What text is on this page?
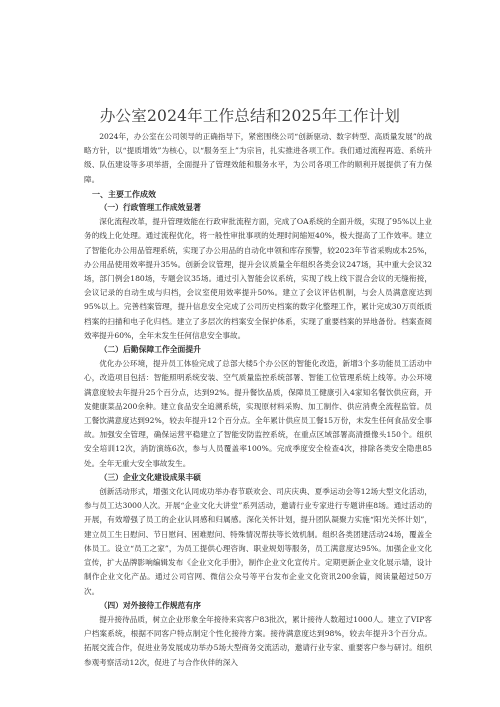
办公室2024年工作总结和2025年工作计划

2024年，办公室在公司领导的正确指导下，紧密围绕公司“创新驱动、数字转型、高质量发展”的战略方针，以“提质增效”为核心，以“服务至上”为宗旨，扎实推进各项工作。我们通过流程再造、系统升级、队伍建设等多项举措，全面提升了管理效能和服务水平，为公司各项工作的顺利开展提供了有力保障。

一、主要工作成效

（一）行政管理工作成效显著

深化流程改革，提升管理效能在行政审批流程方面，完成了OA系统的全面升级，实现了95%以上业务的线上化处理。通过流程优化，将一般性审批事项的处理时间缩短40%，极大提高了工作效率。建立了智能化办公用品管理系统，实现了办公用品的自动化申领和库存预警，较2023年节省采购成本25%，办公用品使用效率提升35%。创新会议管理，提升会议质量全年组织各类会议247场，其中重大会议32场，部门例会180场，专题会议35场。通过引入智能会议系统，实现了线上线下混合会议的无缝衔接，会议记录的自动生成与归档，会议室使用效率提升50%。建立了会议评估机制，与会人员满意度达到95%以上。完善档案管理，提升信息安全完成了公司历史档案的数字化整理工作，累计完成30万页纸质档案的扫描和电子化归档。建立了多层次的档案安全保护体系，实现了重要档案的异地备份。档案查阅效率提升60%，全年未发生任何信息安全事故。

（二）后勤保障工作全面提升

优化办公环境，提升员工体验完成了总部大楼5个办公区的智能化改造，新增3个多功能员工活动中心，改造项目包括：智能照明系统安装、空气质量监控系统部署、智能工位管理系统上线等。办公环境满意度较去年提升25个百分点，达到92%。提升餐饮品质，保障员工健康引入4家知名餐饮供应商，开发健康菜品200余种。建立食品安全追溯系统，实现原材料采购、加工制作、供应消费全流程监管。员工餐饮满意度达到92%，较去年提升12个百分点。全年累计供应员工餐15万份，未发生任何食品安全事故。加强安全管理，确保运营平稳建立了智能安防监控系统，在重点区域部署高清摄像头150个。组织安全培训12次，消防演练6次，参与人员覆盖率100%。完成季度安全检查4次，排除各类安全隐患85处。全年无重大安全事故发生。

（三）企业文化建设成果丰硕

创新活动形式，增强文化认同成功举办春节联欢会、司庆庆典、夏季运动会等12场大型文化活动，参与员工达3000人次。开展“企业文化大讲堂”系列活动，邀请行业专家进行专题讲座8场。通过活动的开展，有效增强了员工的企业认同感和归属感。深化关怀计划，提升团队凝聚力实施“阳光关怀计划”，建立员工生日慰问、节日慰问、困难慰问、特殊情况帮扶等长效机制。组织各类团建活动24场，覆盖全体员工。设立“员工之家”，为员工提供心理咨询、职业规划等服务，员工满意度达95%。加强企业文化宣传，扩大品牌影响编辑发布《企业文化手册》，制作企业文化宣传片。定期更新企业文化展示墙，设计制作企业文化产品。通过公司官网、微信公众号等平台发布企业文化资讯200余篇，阅读量超过50万次。

（四）对外接待工作规范有序

提升接待品质，树立企业形象全年接待来宾客户83批次，累计接待人数超过1000人。建立了VIP客户档案系统，根据不同客户特点制定个性化接待方案。接待满意度达到98%，较去年提升3个百分点。拓展交流合作，促进业务发展成功举办5场大型商务交流活动，邀请行业专家、重要客户参与研讨。组织参观考察活动12次，促进了与合作伙伴的深入
